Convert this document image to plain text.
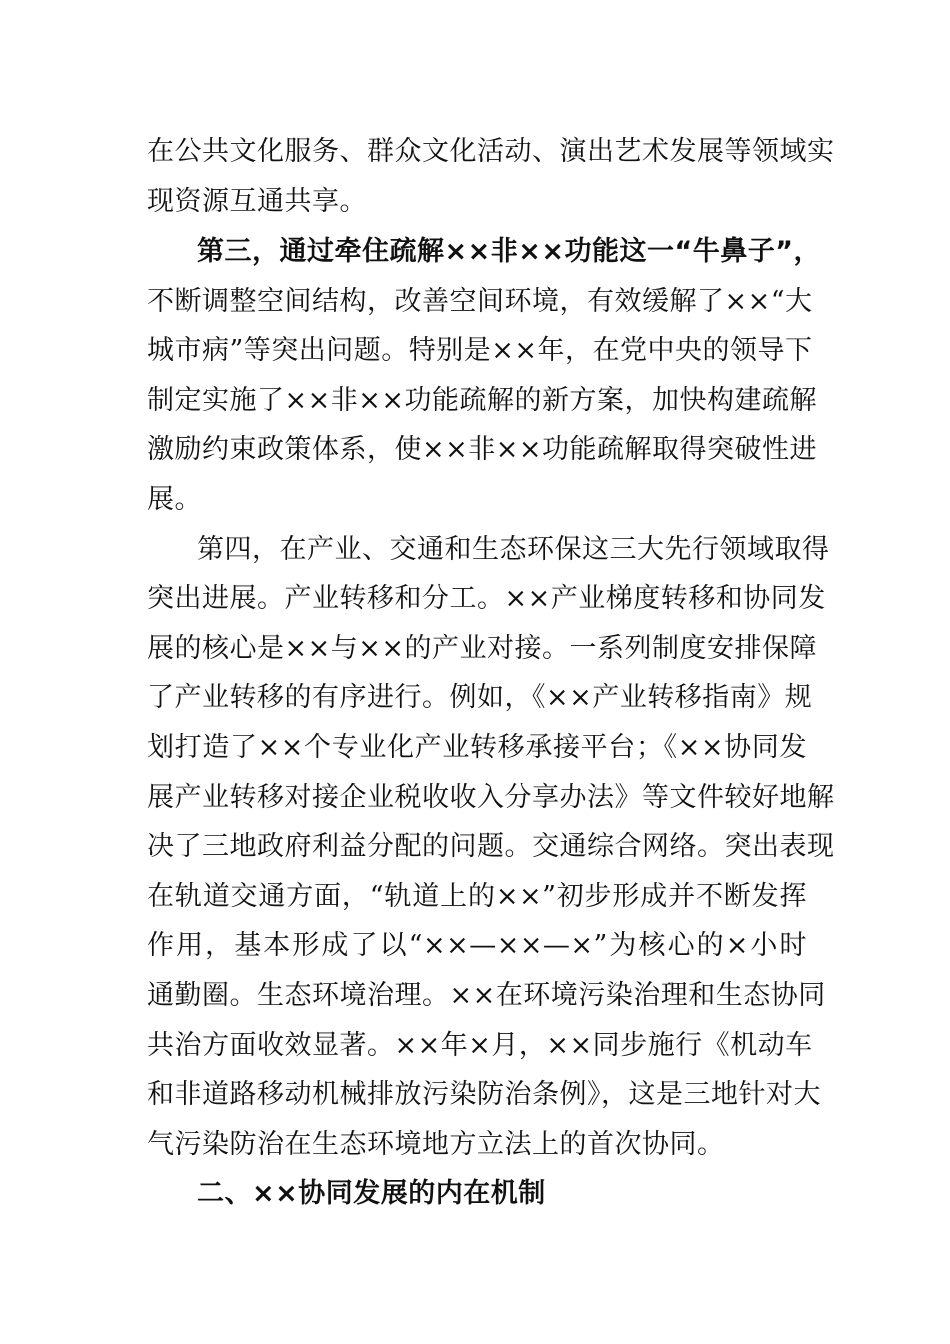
在公共文化服务、群众文化活动、演出艺术发展等领域实
现资源互通共享。
第三，通过牵住疏解××非××功能这一“牛鼻子”，
不断调整空间结构，改善空间环境，有效缓解了××“大
城市病”等突出问题。特别是××年，在党中央的领导下
制定实施了××非××功能疏解的新方案，加快构建疏解
激励约束政策体系，使××非××功能疏解取得突破性进
展。
第四，在产业、交通和生态环保这三大先行领域取得
突出进展。产业转移和分工。××产业梯度转移和协同发
展的核心是××与××的产业对接。一系列制度安排保障
了产业转移的有序进行。例如，《××产业转移指南》规
划打造了××个专业化产业转移承接平台；《××协同发
展产业转移对接企业税收收入分享办法》等文件较好地解
决了三地政府利益分配的问题。交通综合网络。突出表现
在轨道交通方面，“轨道上的××”初步形成并不断发挥
作用，基本形成了以“××—××—×”为核心的×小时
通勤圈。生态环境治理。××在环境污染治理和生态协同
共治方面收效显著。××年×月，××同步施行《机动车
和非道路移动机械排放污染防治条例》，这是三地针对大
气污染防治在生态环境地方立法上的首次协同。
二、××协同发展的内在机制
